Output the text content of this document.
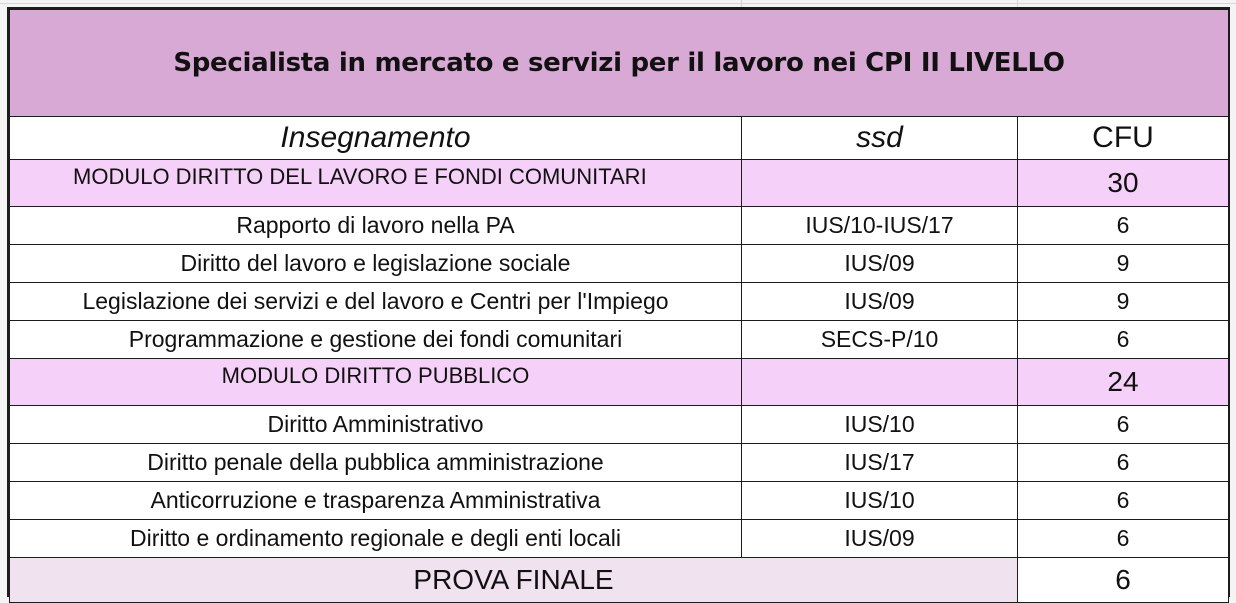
Specialista in mercato e servizi per il lavoro nei CPI II LIVELLO		
Insegnamento	ssd	CFU
MODULO DIRITTO DEL LAVORO E FONDI COMUNITARI		30
Rapporto di lavoro nella PA	IUS/10-IUS/17	6
Diritto del lavoro e legislazione sociale	IUS/09	9
Legislazione dei servizi e del lavoro e Centri per l'Impiego	IUS/09	9
Programmazione e gestione dei fondi comunitari	SECS-P/10	6
MODULO DIRITTO PUBBLICO		24
Diritto Amministrativo	IUS/10	6
Diritto penale della pubblica amministrazione	IUS/17	6
Anticorruzione e trasparenza Amministrativa	IUS/10	6
Diritto e ordinamento regionale e degli enti locali	IUS/09	6
PROVA FINALE		6
